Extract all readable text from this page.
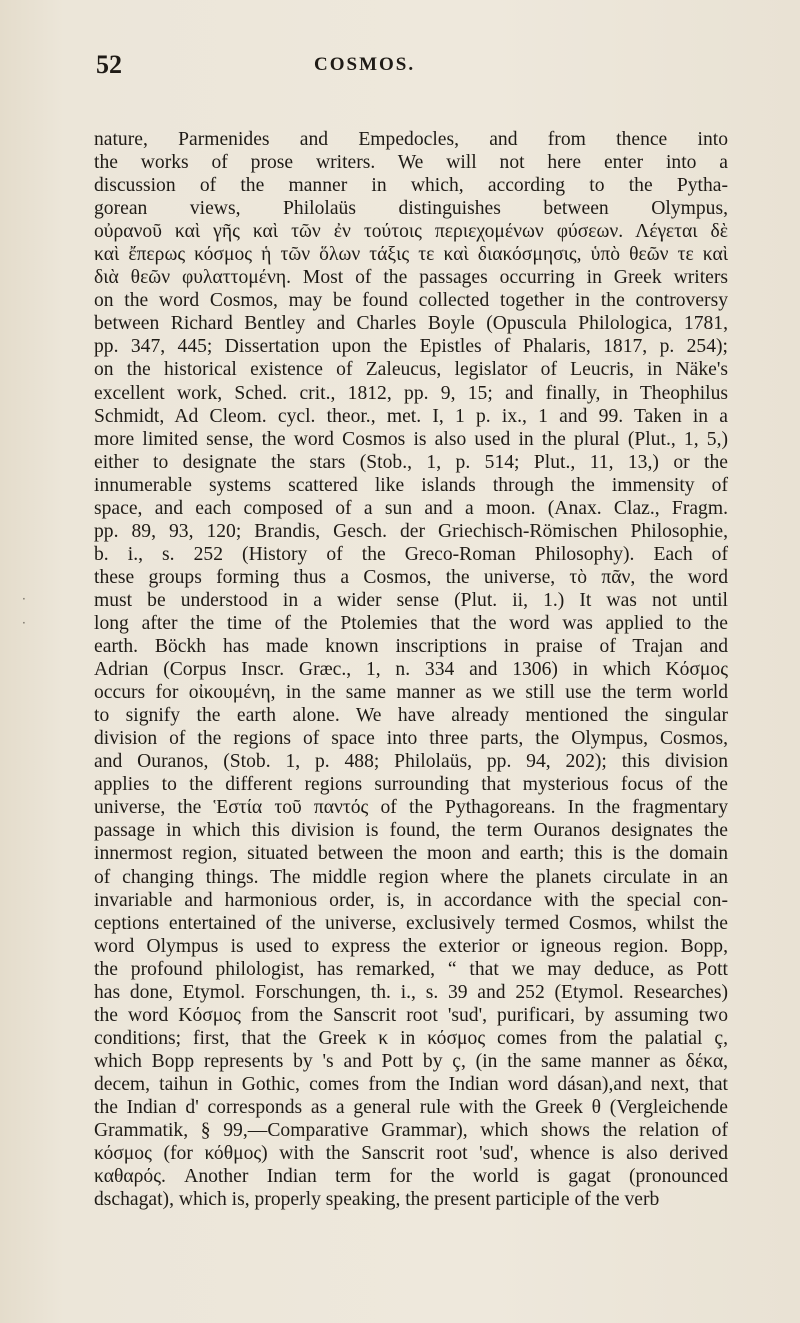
52	COSMOS.
·
·
nature, Parmenides and Empedocles, and from thence into
the works of prose writers. We will not here enter into a
discussion of the manner in which, according to the Pytha-
gorean views, Philolaüs distinguishes between Olympus,
οὐρανοῦ καὶ γῆς καὶ τῶν ἐν τούτοις περιεχομένων φύσεων. Λέγεται δὲ
καὶ ἔπερως κόσμος ἡ τῶν ὅλων τάξις τε καὶ διακόσμησις, ὑπὸ θεῶν τε καὶ
διὰ θεῶν φυλαττομένη. Most of the passages occurring in Greek writers
on the word Cosmos, may be found collected together in the controversy
between Richard Bentley and Charles Boyle (Opuscula Philologica, 1781,
pp. 347, 445; Dissertation upon the Epistles of Phalaris, 1817, p. 254);
on the historical existence of Zaleucus, legislator of Leucris, in Näke's
excellent work, Sched. crit., 1812, pp. 9, 15; and finally, in Theophilus
Schmidt, Ad Cleom. cycl. theor., met. I, 1 p. ix., 1 and 99. Taken in a
more limited sense, the word Cosmos is also used in the plural (Plut., 1, 5,)
either to designate the stars (Stob., 1, p. 514; Plut., 11, 13,) or the
innumerable systems scattered like islands through the immensity of
space, and each composed of a sun and a moon. (Anax. Claz., Fragm.
pp. 89, 93, 120; Brandis, Gesch. der Griechisch-Römischen Philosophie,
b. i., s. 252 (History of the Greco-Roman Philosophy). Each of
these groups forming thus a Cosmos, the universe, τὸ πᾶν, the word
must be understood in a wider sense (Plut. ii, 1.) It was not until
long after the time of the Ptolemies that the word was applied to the
earth. Böckh has made known inscriptions in praise of Trajan and
Adrian (Corpus Inscr. Græc., 1, n. 334 and 1306) in which Κόσμος
occurs for οἰκουμένη, in the same manner as we still use the term world
to signify the earth alone. We have already mentioned the singular
division of the regions of space into three parts, the Olympus, Cosmos,
and Ouranos, (Stob. 1, p. 488; Philolaüs, pp. 94, 202); this division
applies to the different regions surrounding that mysterious focus of the
universe, the Ἑστία τοῦ παντός of the Pythagoreans. In the fragmentary
passage in which this division is found, the term Ouranos designates the
innermost region, situated between the moon and earth; this is the domain
of changing things. The middle region where the planets circulate in an
invariable and harmonious order, is, in accordance with the special con-
ceptions entertained of the universe, exclusively termed Cosmos, whilst the
word Olympus is used to express the exterior or igneous region. Bopp,
the profound philologist, has remarked, “ that we may deduce, as Pott
has done, Etymol. Forschungen, th. i., s. 39 and 252 (Etymol. Researches)
the word Κόσμος from the Sanscrit root 'sud', purificari, by assuming two
conditions; first, that the Greek κ in κόσμος comes from the palatial ç,
which Bopp represents by 's and Pott by ç, (in the same manner as δέκα,
decem, taihun in Gothic, comes from the Indian word dásan),and next, that
the Indian d' corresponds as a general rule with the Greek θ (Vergleichende
Grammatik, § 99,—Comparative Grammar), which shows the relation of
κόσμος (for κόθμος) with the Sanscrit root 'sud', whence is also derived
καθαρός. Another Indian term for the world is gagat (pronounced
dschagat), which is, properly speaking, the present participle of the verb
